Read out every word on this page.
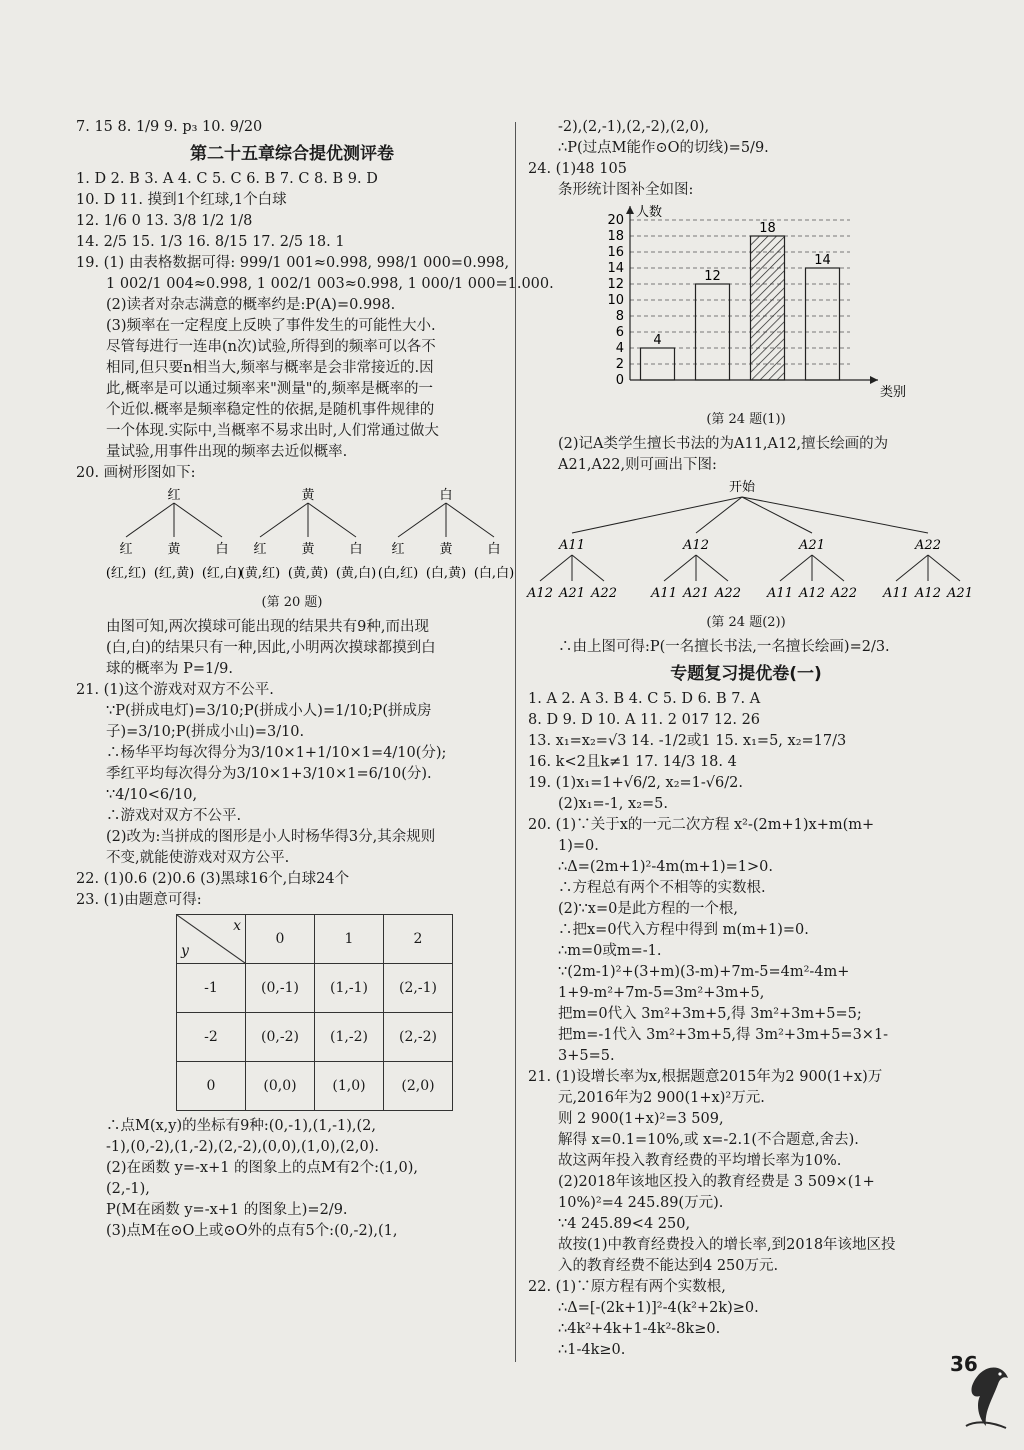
7. 15 8. 1/9 9. p₃ 10. 9/20
第二十五章综合提优测评卷
1. D 2. B 3. A 4. C 5. C 6. B 7. C 8. B 9. D
10. D 11. 摸到1个红球,1个白球
12. 1/6 0 13. 3/8 1/2 1/8
14. 2/5 15. 1/3 16. 8/15 17. 2/5 18. 1
19. (1) 由表格数据可得: 999/1 001≈0.998, 998/1 000=0.998,
1 002/1 004≈0.998, 1 002/1 003≈0.998, 1 000/1 000=1.000.
(2)读者对杂志满意的概率约是:P(A)=0.998.
(3)频率在一定程度上反映了事件发生的可能性大小.
尽管每进行一连串(n次)试验,所得到的频率可以各不
相同,但只要n相当大,频率与概率是会非常接近的.因
此,概率是可以通过频率来"测量"的,频率是概率的一
个近似.概率是频率稳定性的依据,是随机事件规律的
一个体现.实际中,当概率不易求出时,人们常通过做大
量试验,用事件出现的频率去近似概率.
20. 画树形图如下:
红	黄	白
红
(红,红)
黄
(红,黄)
白
(红,白)
红
(黄,红)
黄
(黄,黄)
白
(黄,白)
红
(白,红)
黄
(白,黄)
白
(白,白)
(第 20 题)
由图可知,两次摸球可能出现的结果共有9种,而出现
(白,白)的结果只有一种,因此,小明两次摸球都摸到白
球的概率为 P=1/9.
21. (1)这个游戏对双方不公平.
∵P(拼成电灯)=3/10;P(拼成小人)=1/10;P(拼成房
子)=3/10;P(拼成小山)=3/10.
∴杨华平均每次得分为3/10×1+1/10×1=4/10(分);
季红平均每次得分为3/10×1+3/10×1=6/10(分).
∵4/10<6/10,
∴游戏对双方不公平.
(2)改为:当拼成的图形是小人时杨华得3分,其余规则
不变,就能使游戏对双方公平.
22. (1)0.6 (2)0.6 (3)黑球16个,白球24个
23. (1)由题意可得:
x
y	0	1	2
-1	(0,-1)	(1,-1)	(2,-1)
-2	(0,-2)	(1,-2)	(2,-2)
0	(0,0)	(1,0)	(2,0)
∴点M(x,y)的坐标有9种:(0,-1),(1,-1),(2,
-1),(0,-2),(1,-2),(2,-2),(0,0),(1,0),(2,0).
(2)在函数 y=-x+1 的图象上的点M有2个:(1,0),
(2,-1),
P(M在函数 y=-x+1 的图象上)=2/9.
(3)点M在⊙O上或⊙O外的点有5个:(0,-2),(1,
-2),(2,-1),(2,-2),(2,0),
∴P(过点M能作⊙O的切线)=5/9.
24. (1)48 105
条形统计图补全如图:
0
2
4
6
8
10
12
14
16
18
20
人数
类别
4
12
18
14
(第 24 题(1))
(2)记A类学生擅长书法的为A11,A12,擅长绘画的为
A21,A22,则可画出下图:
开始
A11
A12 A21 A22
A12
A11 A21 A22
A21
A11 A12 A22
A22
A11 A12 A21
(第 24 题(2))
∴由上图可得:P(一名擅长书法,一名擅长绘画)=2/3.
专题复习提优卷(一)
1. A 2. A 3. B 4. C 5. D 6. B 7. A
8. D 9. D 10. A 11. 2 017 12. 26
13. x₁=x₂=√3 14. -1/2或1 15. x₁=5, x₂=17/3
16. k<2且k≠1 17. 14/3 18. 4
19. (1)x₁=1+√6/2, x₂=1-√6/2.
(2)x₁=-1, x₂=5.
20. (1)∵关于x的一元二次方程 x²-(2m+1)x+m(m+
1)=0.
∴Δ=(2m+1)²-4m(m+1)=1>0.
∴方程总有两个不相等的实数根.
(2)∵x=0是此方程的一个根,
∴把x=0代入方程中得到 m(m+1)=0.
∴m=0或m=-1.
∵(2m-1)²+(3+m)(3-m)+7m-5=4m²-4m+
1+9-m²+7m-5=3m²+3m+5,
把m=0代入 3m²+3m+5,得 3m²+3m+5=5;
把m=-1代入 3m²+3m+5,得 3m²+3m+5=3×1-
3+5=5.
21. (1)设增长率为x,根据题意2015年为2 900(1+x)万
元,2016年为2 900(1+x)²万元.
则 2 900(1+x)²=3 509,
解得 x=0.1=10%,或 x=-2.1(不合题意,舍去).
故这两年投入教育经费的平均增长率为10%.
(2)2018年该地区投入的教育经费是 3 509×(1+
10%)²=4 245.89(万元).
∵4 245.89<4 250,
故按(1)中教育经费投入的增长率,到2018年该地区投
入的教育经费不能达到4 250万元.
22. (1)∵原方程有两个实数根,
∴Δ=[-(2k+1)]²-4(k²+2k)≥0.
∴4k²+4k+1-4k²-8k≥0.
∴1-4k≥0.
36
